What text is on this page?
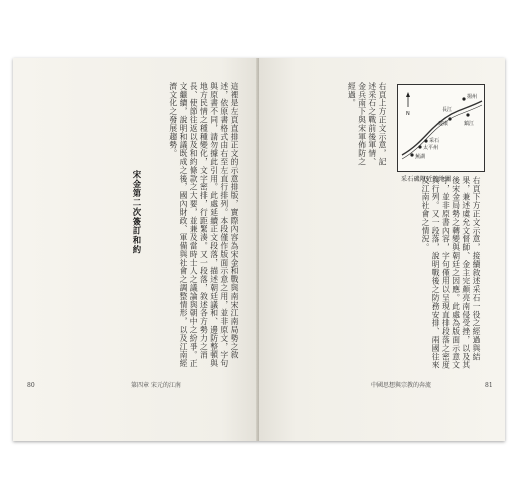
這裡是左頁直排正文的示意排版，實際內容為宋金和戰與南宋江南局勢之敘述，依原書格式由右至左直行排列。本段僅作版面示意之用，並非原文，字句與原書不同，請勿據此引用。此處延續正文段落，描述朝廷議和、邊防整頓與地方民情之種種變化，文字密排，行距緊湊。又一段落，敘述各方勢力之消長、使節往返以及和約條款之大要，並兼及當時士人之議論與朝中之紛爭。正文繼續，說明和議既成之後，國內財政、軍備與社會之調整情形，以及江南經濟文化之發展趨勢。
宋金第二次簽訂和約
第四章 宋元的江南
80
右頁上方正文示意，記述采石之戰前後軍情、金兵南下與宋軍佈防之經過。	揚州
長江
建康	鎮江
采石
太平州
蕪湖
N
采石磯附近的地圖	右頁下方正文示意，接續敘述采石一役之經過與結果，兼述虞允文督師、金主完顏亮南侵受挫，以及其後宋金局勢之轉變與朝廷之因應。此處為版面示意文字，並非原書內容，字句僅用以呈現直排段落之密度與行列。又一段落，說明戰後之防務安排、兩國往來及江南社會之情況。
中國思想與宗教的奔流	81
